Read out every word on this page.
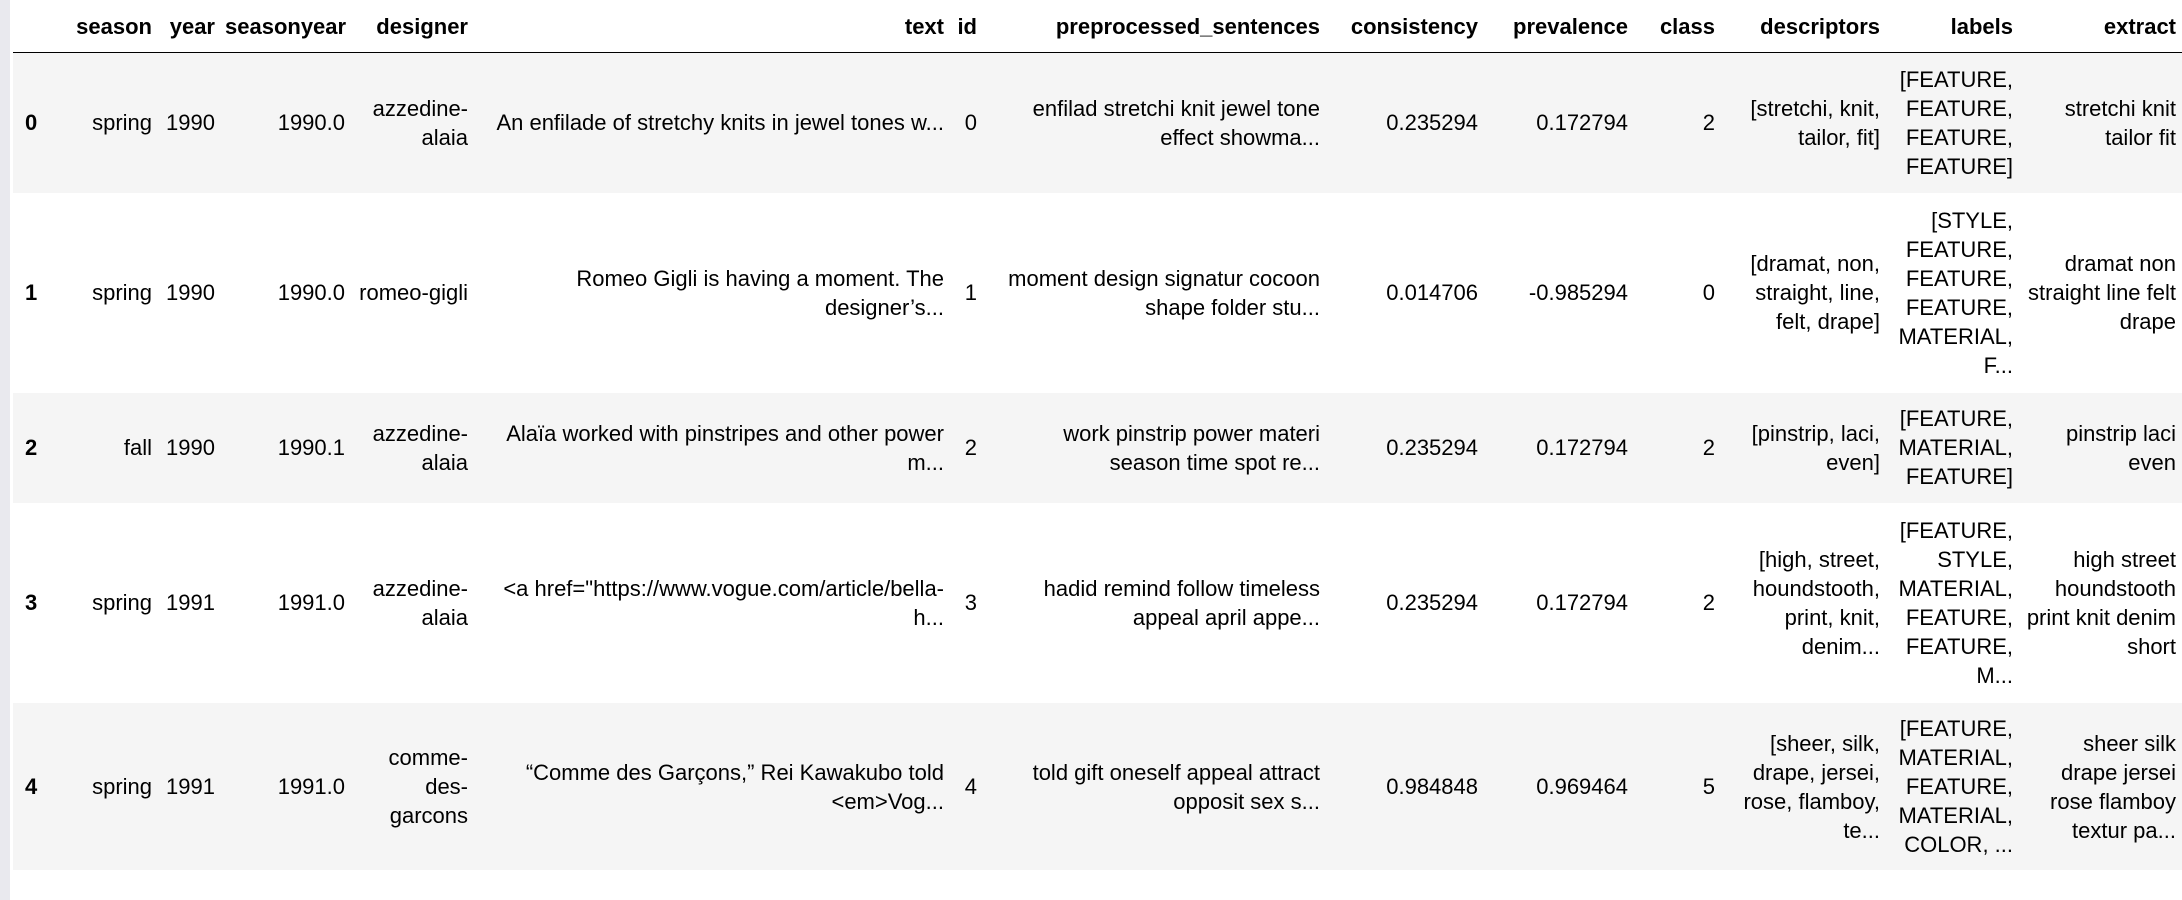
	season	year	seasonyear	designer	text	id	preprocessed_sentences	consistency	prevalence	class	descriptors	labels	extract
0	spring	1990	1990.0	azzedine-alaia	An enfilade of stretchy knits in jewel tones w...	0	enfilad stretchi knit jewel tone effect showma...	0.235294	0.172794	2	[stretchi, knit, tailor, fit]	[FEATURE, FEATURE, FEATURE, FEATURE]	stretchi knit tailor fit
1	spring	1990	1990.0	romeo-gigli	Romeo Gigli is having a moment. The designer’s...	1	moment design signatur cocoon shape folder stu...	0.014706	-0.985294	0	[dramat, non, straight, line, felt, drape]	[STYLE, FEATURE, FEATURE, FEATURE, MATERIAL, F...	dramat non straight line felt drape
2	fall	1990	1990.1	azzedine-alaia	Alaïa worked with pinstripes and other power m...	2	work pinstrip power materi season time spot re...	0.235294	0.172794	2	[pinstrip, laci, even]	[FEATURE, MATERIAL, FEATURE]	pinstrip laci even
3	spring	1991	1991.0	azzedine-alaia	<a href="https://www.vogue.com/article/bella-h...	3	hadid remind follow timeless appeal april appe...	0.235294	0.172794	2	[high, street, houndstooth, print, knit, denim...	[FEATURE, STYLE, MATERIAL, FEATURE, FEATURE, M...	high street houndstooth print knit denim short
4	spring	1991	1991.0	comme-des-garcons	“Comme des Garçons,” Rei Kawakubo told <em>Vog...	4	told gift oneself appeal attract opposit sex s...	0.984848	0.969464	5	[sheer, silk, drape, jersei, rose, flamboy, te...	[FEATURE, MATERIAL, FEATURE, MATERIAL, COLOR, ...	sheer silk drape jersei rose flamboy textur pa...
